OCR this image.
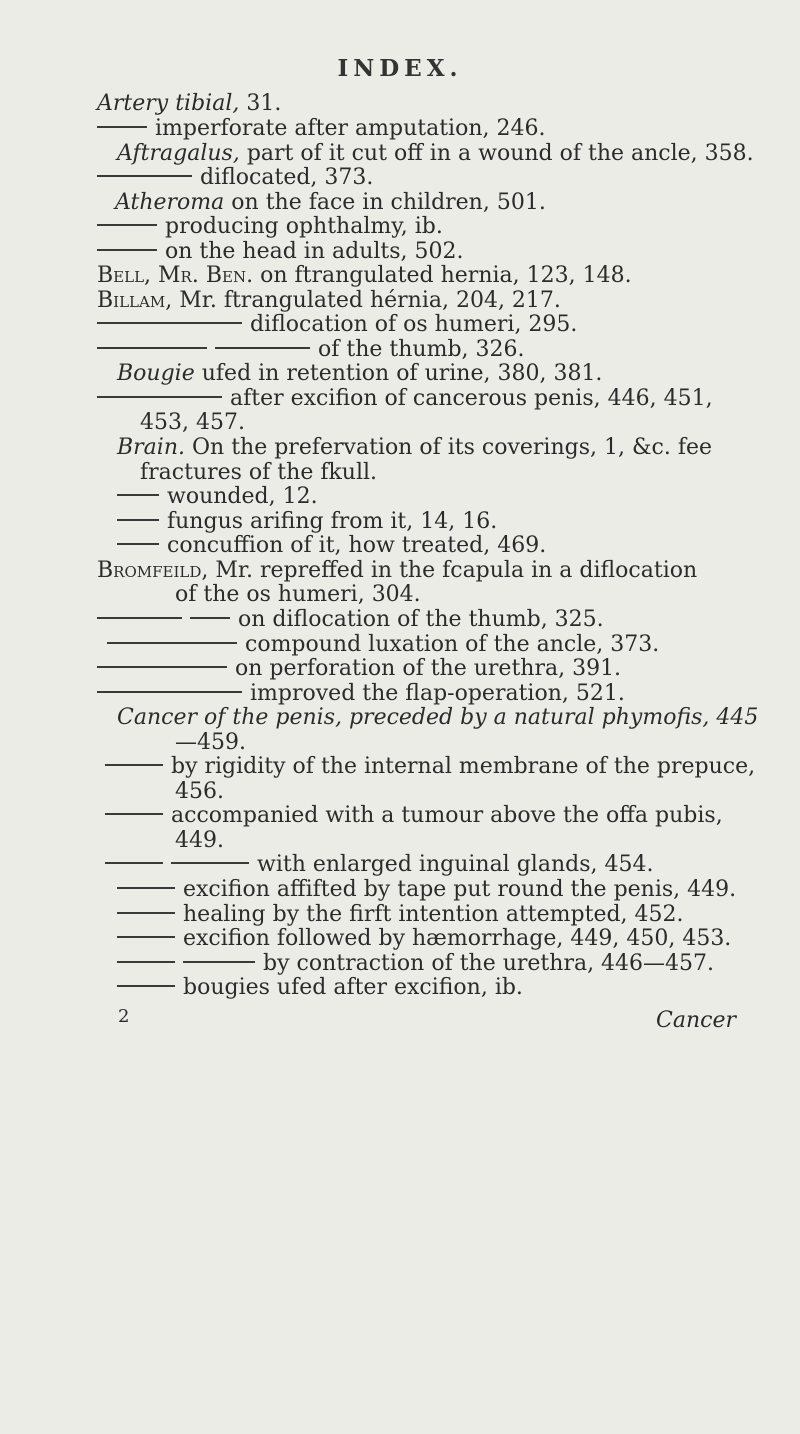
INDEX.
Artery tibial, 31.
imperforate after amputation, 246.
Aftragalus, part of it cut off in a wound of the ancle, 358.
diflocated, 373.
Atheroma on the face in children, 501.
producing ophthalmy, ib.
on the head in adults, 502.
Bell, Mr. Ben. on ftrangulated hernia, 123, 148.
Billam, Mr. ftrangulated hérnia, 204, 217.
diflocation of os humeri, 295.
of the thumb, 326.
Bougie ufed in retention of urine, 380, 381.
after excifion of cancerous penis, 446, 451,
453, 457.
Brain. On the prefervation of its coverings, 1, &c. fee
fractures of the fkull.
wounded, 12.
fungus arifing from it, 14, 16.
concuffion of it, how treated, 469.
Bromfeild, Mr. repreffed in the fcapula in a diflocation
of the os humeri, 304.
on diflocation of the thumb, 325.
compound luxation of the ancle, 373.
on perforation of the urethra, 391.
improved the flap-operation, 521.
Cancer of the penis, preceded by a natural phymofis, 445
—459.
by rigidity of the internal membrane of the prepuce,
456.
accompanied with a tumour above the offa pubis,
449.
with enlarged inguinal glands, 454.
excifion affifted by tape put round the penis, 449.
healing by the firft intention attempted, 452.
excifion followed by hæmorrhage, 449, 450, 453.
by contraction of the urethra, 446—457.
bougies ufed after excifion, ib.
2	Cancer
